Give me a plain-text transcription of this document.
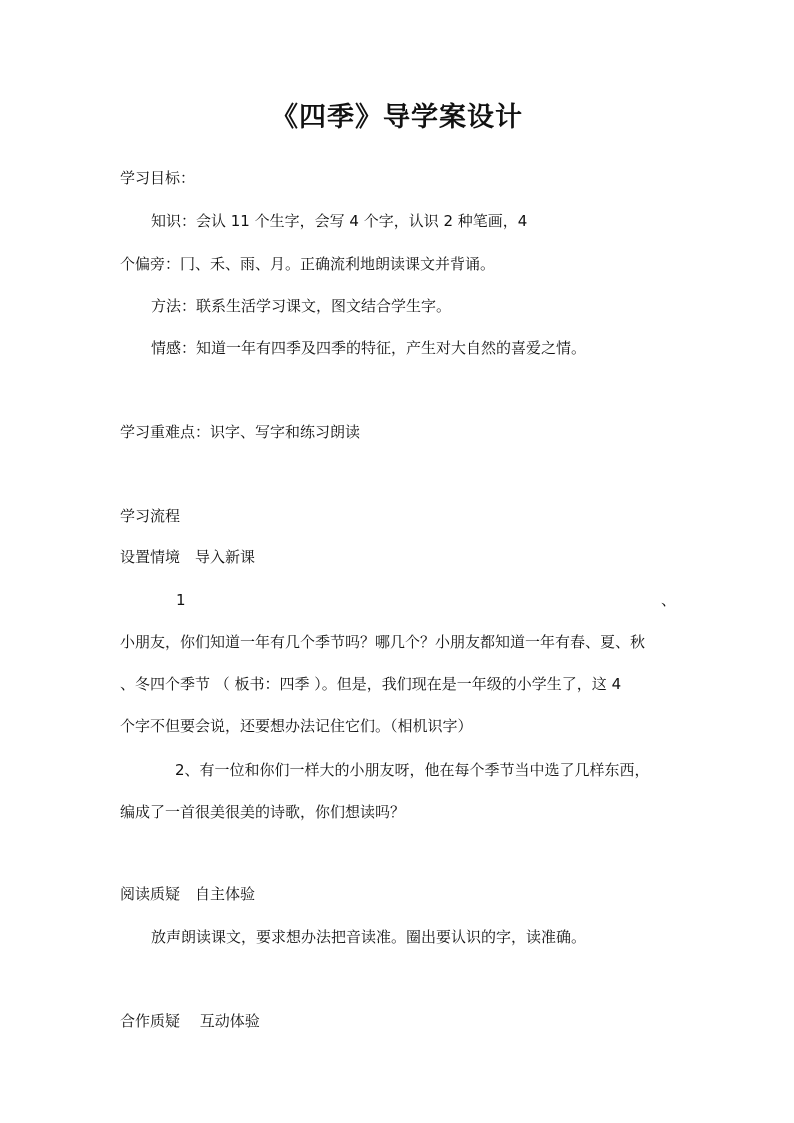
《四季》导学案设计
学习目标：
知识：会认 11 个生字，会写 4 个字，认识 2 种笔画，4
个偏旁：冂、禾、雨、月。正确流利地朗读课文并背诵。
方法：联系生活学习课文，图文结合学生字。
情感：知道一年有四季及四季的特征，产生对大自然的喜爱之情。
学习重难点：识字、写字和练习朗读
学习流程
设置情境　导入新课
1	、
小朋友，你们知道一年有几个季节吗？哪几个？小朋友都知道一年有春、夏、秋
、冬四个季节 （ 板书：四季 ）。但是，我们现在是一年级的小学生了，这 4
个字不但要会说，还要想办法记住它们。（相机识字）
2、有一位和你们一样大的小朋友呀，他在每个季节当中选了几样东西，
编成了一首很美很美的诗歌，你们想读吗？
阅读质疑　自主体验
放声朗读课文，要求想办法把音读准。圈出要认识的字，读准确。
合作质疑　 互动体验
